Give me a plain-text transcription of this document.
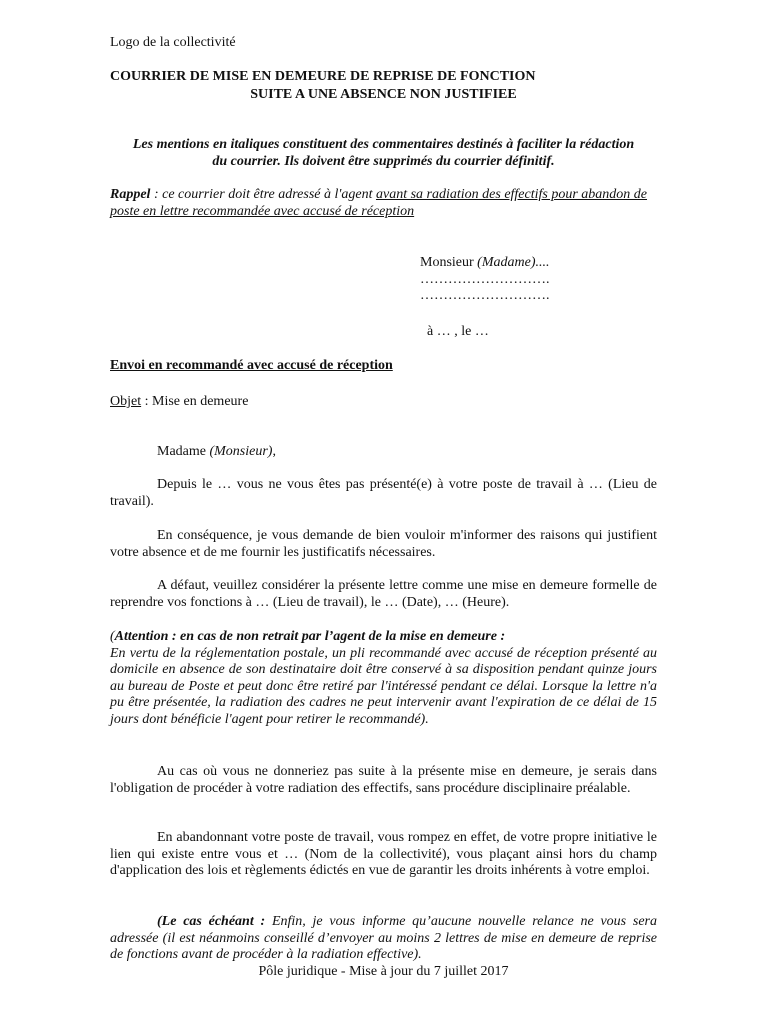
Logo de la collectivité
COURRIER DE MISE EN DEMEURE DE REPRISE DE FONCTION
SUITE A UNE ABSENCE NON JUSTIFIEE
Les mentions en italiques constituent des commentaires destinés à faciliter la rédaction du courrier. Ils doivent être supprimés du courrier définitif.
Rappel : ce courrier doit être adressé à l'agent avant sa radiation des effectifs pour abandon de poste en lettre recommandée avec accusé de réception
Monsieur (Madame)....
……………………….
……………………….
à … , le …
Envoi en recommandé avec accusé de réception
Objet : Mise en demeure
Madame (Monsieur),
Depuis le … vous ne vous êtes pas présenté(e) à votre poste de travail à … (Lieu de travail).
En conséquence, je vous demande de bien vouloir m'informer des raisons qui justifient votre absence et de me fournir les justificatifs nécessaires.
A défaut, veuillez considérer la présente lettre comme une mise en demeure formelle de reprendre vos fonctions à … (Lieu de travail), le … (Date), … (Heure).
(Attention : en cas de non retrait par l’agent de la mise en demeure :
En vertu de la réglementation postale, un pli recommandé avec accusé de réception présenté au domicile en absence de son destinataire doit être conservé à sa disposition pendant quinze jours au bureau de Poste et peut donc être retiré par l'intéressé pendant ce délai. Lorsque la lettre n'a pu être présentée, la radiation des cadres ne peut intervenir avant l'expiration de ce délai de 15 jours dont bénéficie l'agent pour retirer le recommandé).
Au cas où vous ne donneriez pas suite à la présente mise en demeure, je serais dans l'obligation de procéder à votre radiation des effectifs, sans procédure disciplinaire préalable.
En abandonnant votre poste de travail, vous rompez en effet, de votre propre initiative le lien qui existe entre vous et … (Nom de la collectivité), vous plaçant ainsi hors du champ d'application des lois et règlements édictés en vue de garantir les droits inhérents à votre emploi.
(Le cas échéant : Enfin, je vous informe qu’aucune nouvelle relance ne vous sera adressée (il est néanmoins conseillé d’envoyer au moins 2 lettres de mise en demeure de reprise de fonctions avant de procéder à la radiation effective).
Pôle juridique - Mise à jour du 7 juillet 2017
